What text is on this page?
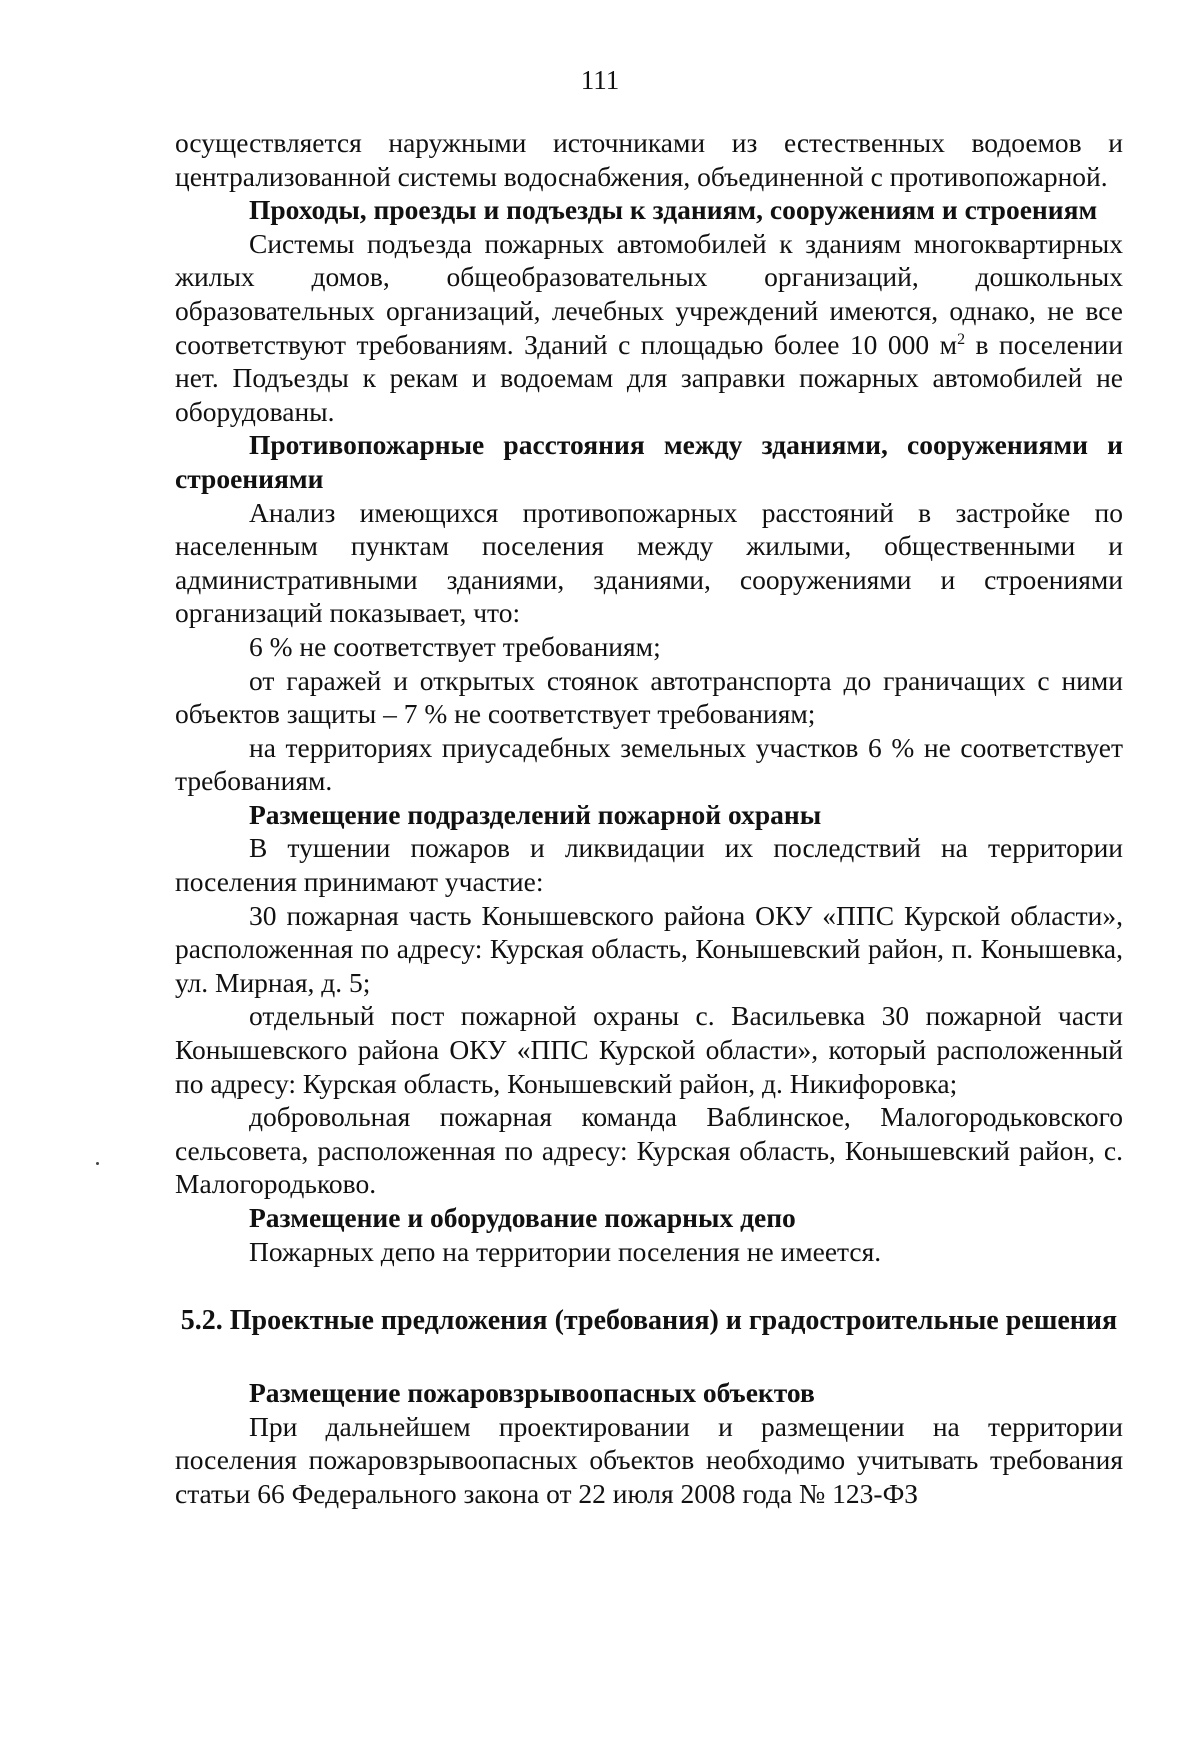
111

осуществляется наружными источниками из естественных водоемов и централизованной системы водоснабжения, объединенной с противопожарной.

Проходы, проезды и подъезды к зданиям, сооружениям и строениям

Системы подъезда пожарных автомобилей к зданиям многоквартирных жилых домов, общеобразовательных организаций, дошкольных образовательных организаций, лечебных учреждений имеются, однако, не все соответствуют требованиям. Зданий с площадью более 10 000 $м^2$ в поселении нет. Подъезды к рекам и водоемам для заправки пожарных автомобилей не оборудованы.

Противопожарные расстояния между зданиями, сооружениями и строениями

Анализ имеющихся противопожарных расстояний в застройке по населенным пунктам поселения между жилыми, общественными и административными зданиями, зданиями, сооружениями и строениями организаций показывает, что:

6 % не соответствует требованиям;

от гаражей и открытых стоянок автотранспорта до граничащих с ними объектов защиты – 7 % не соответствует требованиям;

на территориях приусадебных земельных участков 6 % не соответствует требованиям.

Размещение подразделений пожарной охраны

В тушении пожаров и ликвидации их последствий на территории поселения принимают участие:

30 пожарная часть Конышевского района ОКУ «ППС Курской области», расположенная по адресу: Курская область, Конышевский район, п. Конышевка, ул. Мирная, д. 5;

отдельный пост пожарной охраны с. Васильевка 30 пожарной части Конышевского района ОКУ «ППС Курской области», который расположенный по адресу: Курская область, Конышевский район, д. Никифоровка;

добровольная пожарная команда Ваблинское, Малогородьковского сельсовета, расположенная по адресу: Курская область, Конышевский район, с. Малогородьково.

Размещение и оборудование пожарных депо

Пожарных депо на территории поселения не имеется.

5.2. Проектные предложения (требования) и градостроительные решения

Размещение пожаровзрывоопасных объектов

При дальнейшем проектировании и размещении на территории поселения пожаровзрывоопасных объектов необходимо учитывать требования статьи 66 Федерального закона от 22 июля 2008 года № 123-ФЗ
